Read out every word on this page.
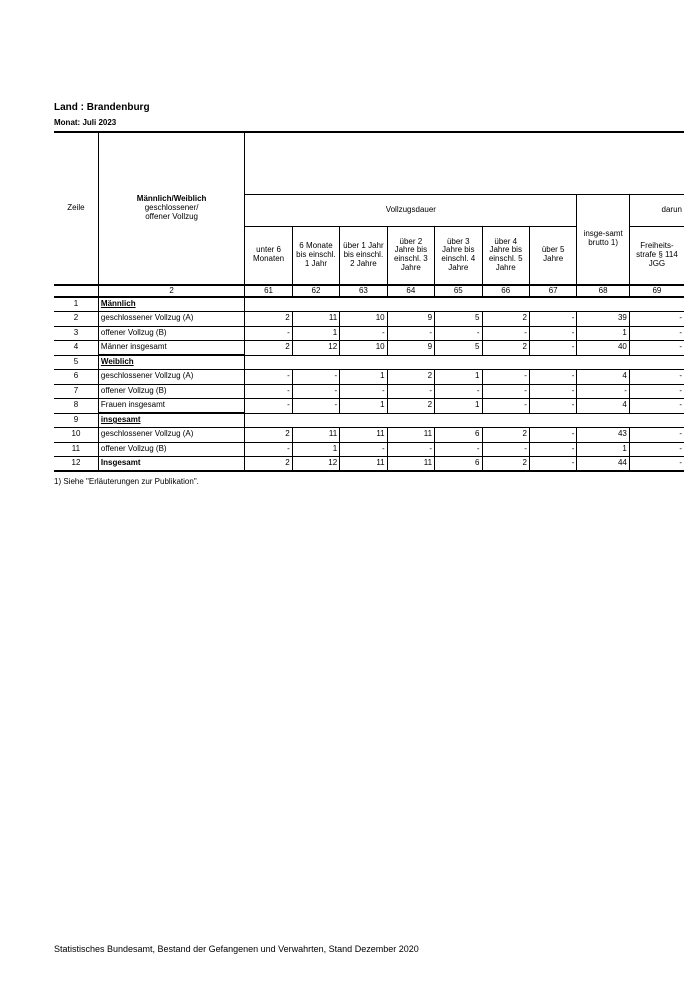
Land : Brandenburg
Monat: Juli 2023
Zeile	Männlich/Weiblich
geschlossener/
offener Vollzug									

		Vollzugsdauer							insge-samt brutto 1)	darun
		unter 6 Monaten	6 Monate bis einschl. 1 Jahr	über 1 Jahr bis einschl. 2 Jahre	über 2 Jahre bis einschl. 3 Jahre	über 3 Jahre bis einschl. 4 Jahre	über 4 Jahre bis einschl. 5 Jahre	über 5 Jahre		Freiheits-strafe § 114 JGG
	2	61	62	63	64	65	66	67	68	69
1	Männlich									
2	geschlossener Vollzug (A)	2	11	10	9	5	2	-	39	-
3	offener Vollzug (B)	-	1	-	-	-	-	-	1	-
4	Männer insgesamt	2	12	10	9	5	2	-	40	-
5	Weiblich									
6	geschlossener Vollzug (A)	-	-	1	2	1	-	-	4	-
7	offener Vollzug (B)	-	-	-	-	-	-	-	-	-
8	Frauen insgesamt	-	-	1	2	1	-	-	4	-
9	insgesamt									
10	geschlossener Vollzug (A)	2	11	11	11	6	2	-	43	-
11	offener Vollzug (B)	-	1	-	-	-	-	-	1	-
12	Insgesamt	2	12	11	11	6	2	-	44	-
1) Siehe "Erläuterungen zur Publikation".
Statistisches Bundesamt, Bestand der Gefangenen und Verwahrten, Stand Dezember 2020
